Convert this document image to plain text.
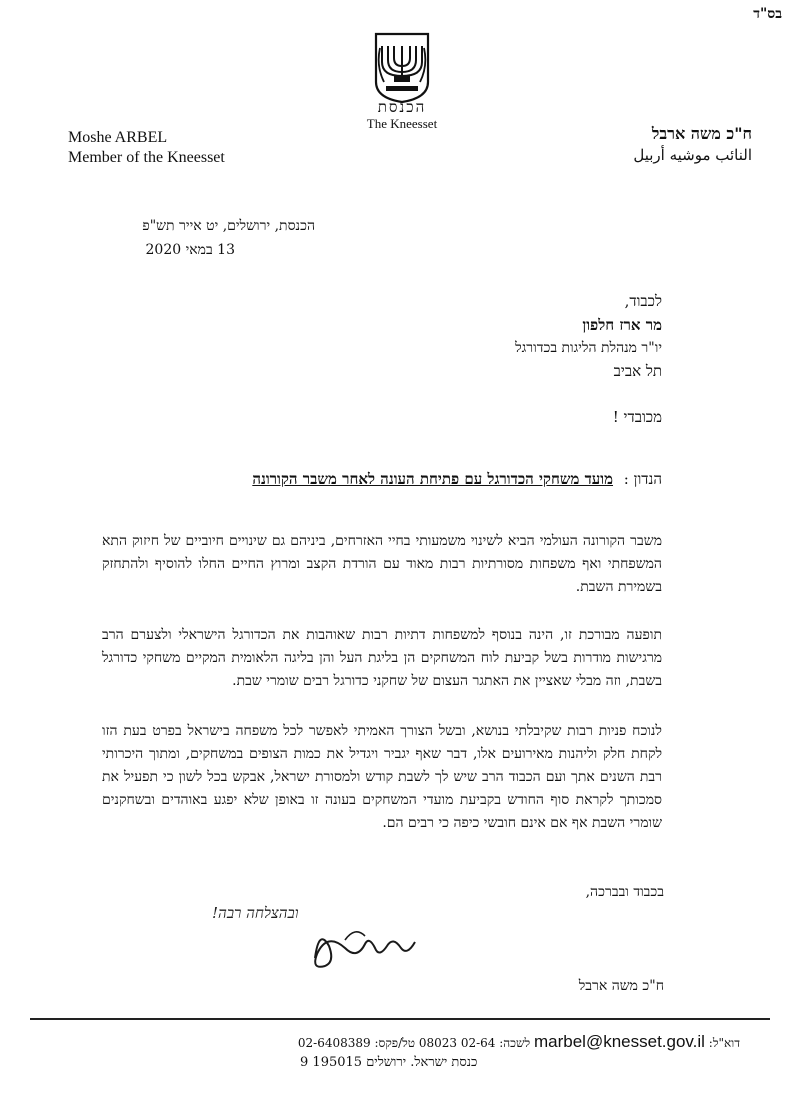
בס"ד
הכנסת
The Kneesset
Moshe ARBEL
Member of the Kneesset
ח"כ משה ארבל
النائب موشيه أربيل
הכנסת, ירושלים, יט אייר תש"פ
13 במאי 2020
לכבוד,
מר ארז חלפון
יו"ר מנהלת הליגות בכדורגל
תל אביב
מכובדי !
הנדון : מועד משחקי הכדורגל עם פתיחת העונה לאחר משבר הקורונה
משבר הקורונה העולמי הביא לשינוי משמעותי בחיי האזרחים, ביניהם גם שינויים חיוביים של חיזוק התא המשפחתי ואף משפחות מסורתיות רבות מאוד עם הורדת הקצב ומרוץ החיים החלו להוסיף ולהתחזק בשמירת השבת.
תופעה מבורכת זו, הינה בנוסף למשפחות דתיות רבות שאוהבות את הכדורגל הישראלי ולצערם הרב מרגישות מודרות בשל קביעת לוח המשחקים הן בליגת העל והן בליגה הלאומית המקיים משחקי כדורגל בשבת, וזה מבלי שאציין את האתגר העצום של שחקני כדורגל רבים שומרי שבת.
לנוכח פניות רבות שקיבלתי בנושא, ובשל הצורך האמיתי לאפשר לכל משפחה בישראל בפרט בעת הזו לקחת חלק וליהנות מאירועים אלו, דבר שאף יגביר ויגדיל את כמות הצופים במשחקים, ומתוך היכרותי רבת השנים אתך ועם הכבוד הרב שיש לך לשבת קודש ולמסורת ישראל, אבקש בכל לשון כי תפעיל את סמכותך לקראת סוף החודש בקביעת מועדי המשחקים בעונה זו באופן שלא יפגע באוהדים ובשחקנים שומרי השבת אף אם אינם חובשי כיפה כי רבים הם.
בכבוד ובברכה,
ובהצלחה רבה!
ח"כ משה ארבל
דוא"ל: marbel@knesset.gov.il לשכה: 02-64 08023 טל/פקס: 02-6408389
כנסת ישראל. ירושלים 195015 9
